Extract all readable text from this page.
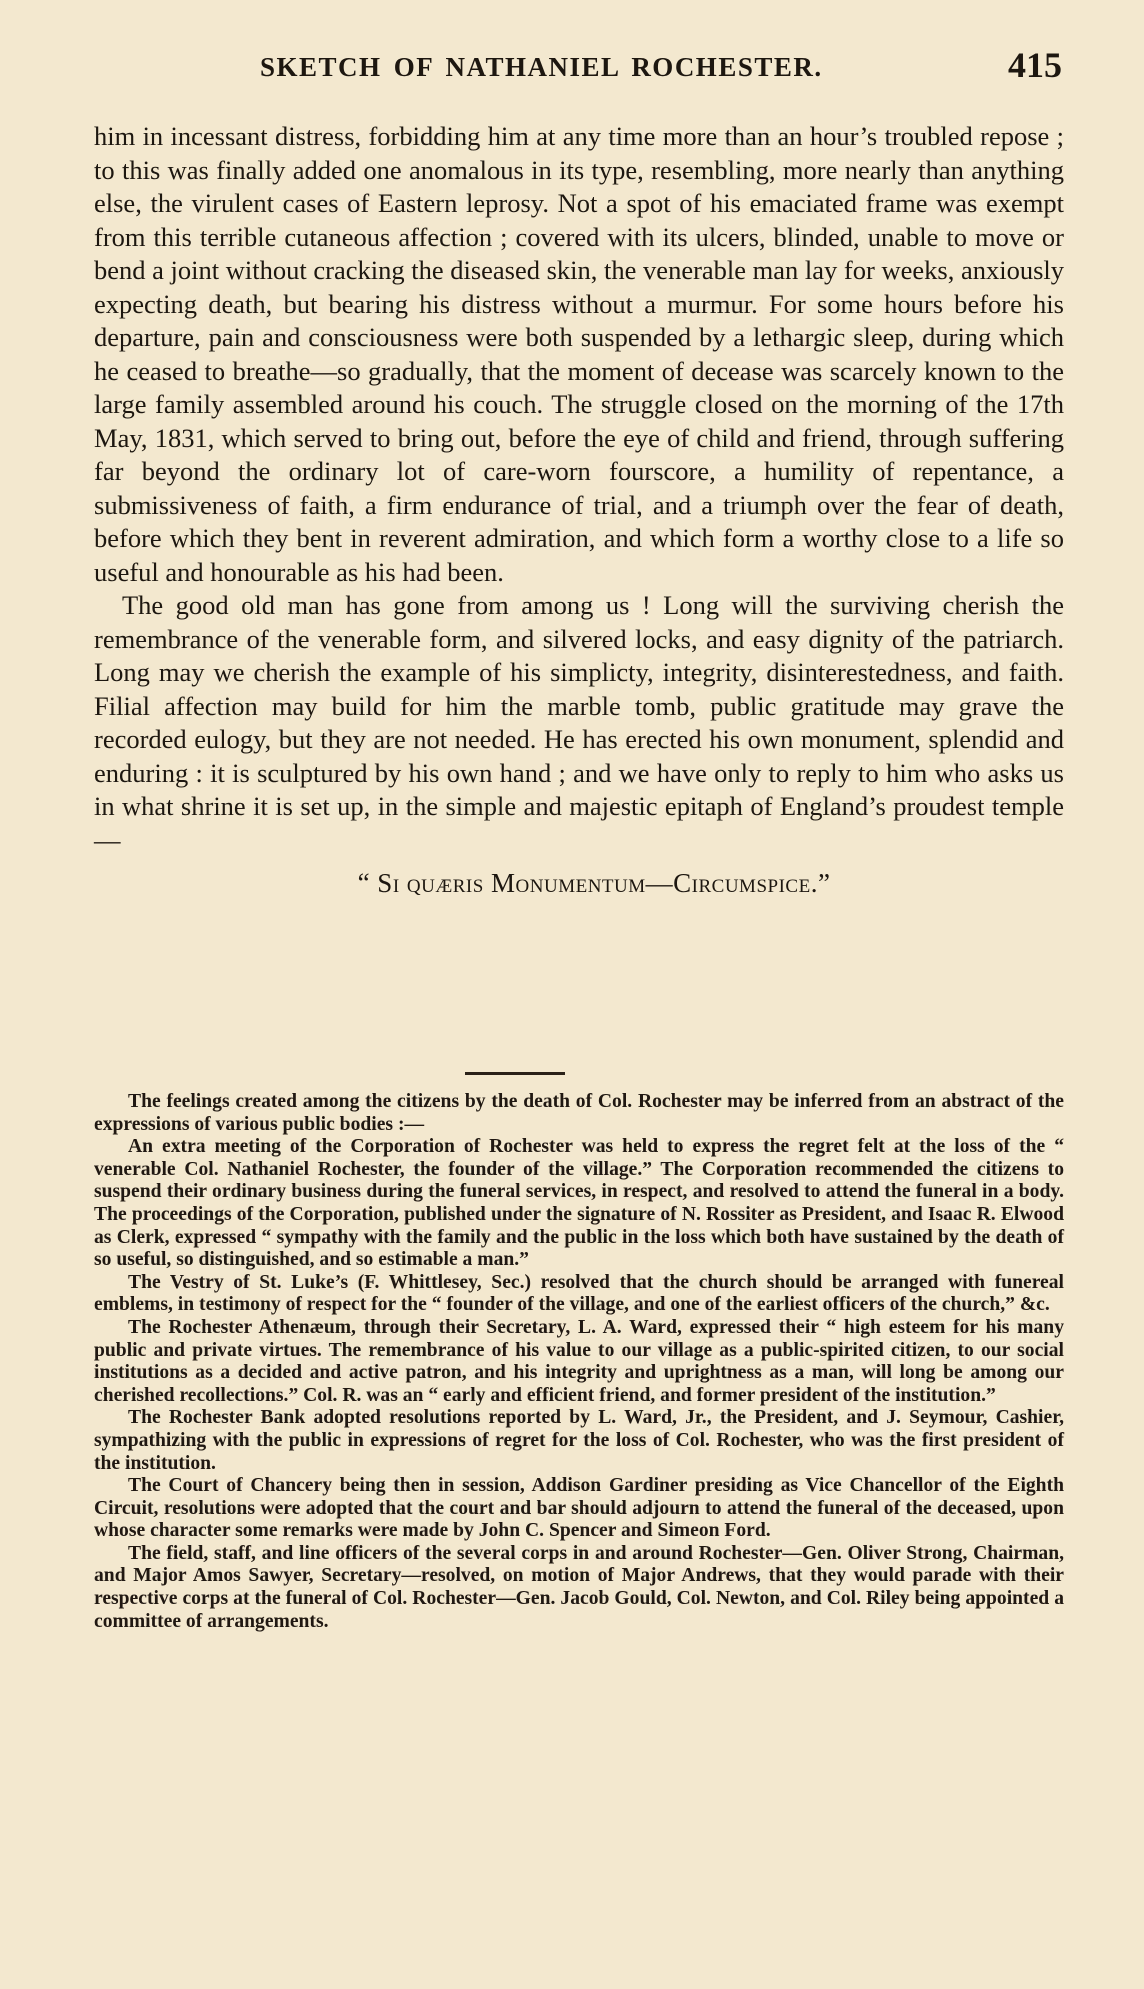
SKETCH OF NATHANIEL ROCHESTER.	415

him in incessant distress, forbidding him at any time more than an hour’s troubled repose ; to this was finally added one anomalous in its type, resembling, more nearly than anything else, the virulent cases of Eastern leprosy. Not a spot of his emaciated frame was exempt from this terrible cutaneous affection ; covered with its ulcers, blinded, unable to move or bend a joint without cracking the diseased skin, the venerable man lay for weeks, anxiously expecting death, but bearing his distress without a murmur. For some hours before his departure, pain and consciousness were both suspended by a lethargic sleep, during which he ceased to breathe—so gradually, that the moment of decease was scarcely known to the large family assembled around his couch. The struggle closed on the morning of the 17th May, 1831, which served to bring out, before the eye of child and friend, through suffering far beyond the ordinary lot of care-worn fourscore, a humility of repentance, a submissiveness of faith, a firm endurance of trial, and a triumph over the fear of death, before which they bent in reverent admiration, and which form a worthy close to a life so useful and honourable as his had been.

The good old man has gone from among us ! Long will the surviving cherish the remembrance of the venerable form, and silvered locks, and easy dignity of the patriarch. Long may we cherish the example of his simplicty, integrity, disinterestedness, and faith. Filial affection may build for him the marble tomb, public gratitude may grave the recorded eulogy, but they are not needed. He has erected his own monument, splendid and enduring : it is sculptured by his own hand ; and we have only to reply to him who asks us in what shrine it is set up, in the simple and majestic epitaph of England’s proudest temple—

“ Si quæris Monumentum—Circumspice.”

The feelings created among the citizens by the death of Col. Rochester may be inferred from an abstract of the expressions of various public bodies :—

An extra meeting of the Corporation of Rochester was held to express the regret felt at the loss of the “ venerable Col. Nathaniel Rochester, the founder of the village.” The Corporation recommended the citizens to suspend their ordinary business during the funeral services, in respect, and resolved to attend the funeral in a body. The proceedings of the Corporation, published under the signature of N. Rossiter as President, and Isaac R. Elwood as Clerk, expressed “ sympathy with the family and the public in the loss which both have sustained by the death of so useful, so distinguished, and so estimable a man.”

The Vestry of St. Luke’s (F. Whittlesey, Sec.) resolved that the church should be arranged with funereal emblems, in testimony of respect for the “ founder of the village, and one of the earliest officers of the church,” &c.

The Rochester Athenæum, through their Secretary, L. A. Ward, expressed their “ high esteem for his many public and private virtues. The remembrance of his value to our village as a public-spirited citizen, to our social institutions as a decided and active patron, and his integrity and uprightness as a man, will long be among our cherished recollections.” Col. R. was an “ early and efficient friend, and former president of the institution.”

The Rochester Bank adopted resolutions reported by L. Ward, Jr., the President, and J. Seymour, Cashier, sympathizing with the public in expressions of regret for the loss of Col. Rochester, who was the first president of the institution.

The Court of Chancery being then in session, Addison Gardiner presiding as Vice Chancellor of the Eighth Circuit, resolutions were adopted that the court and bar should adjourn to attend the funeral of the deceased, upon whose character some remarks were made by John C. Spencer and Simeon Ford.

The field, staff, and line officers of the several corps in and around Rochester—Gen. Oliver Strong, Chairman, and Major Amos Sawyer, Secretary—resolved, on motion of Major Andrews, that they would parade with their respective corps at the funeral of Col. Rochester—Gen. Jacob Gould, Col. Newton, and Col. Riley being appointed a committee of arrangements.
